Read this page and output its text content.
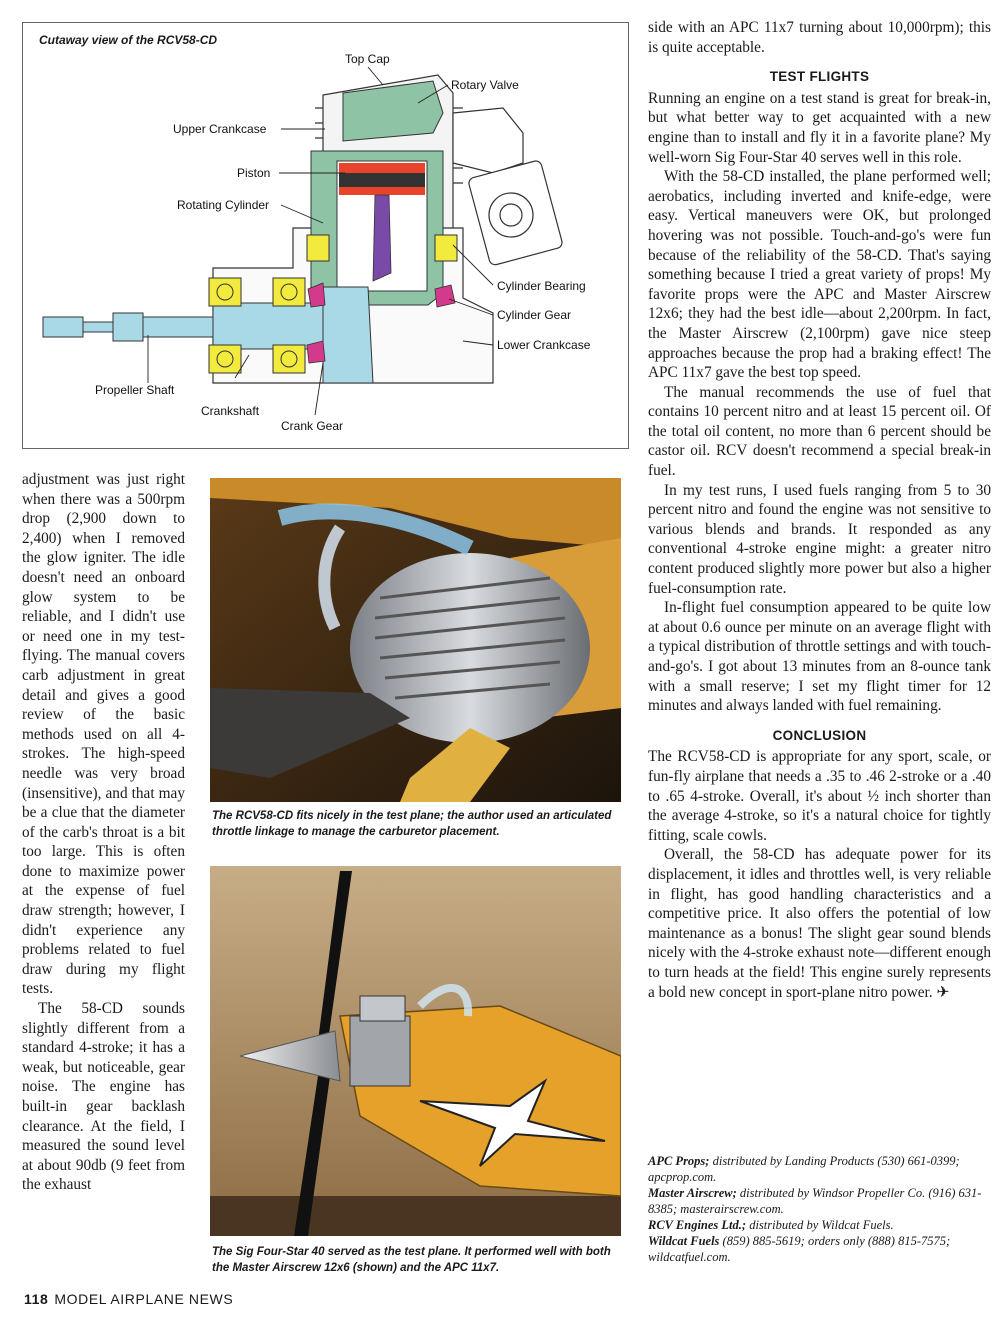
Top Cap
Rotary Valve
Upper Crankcase
Piston
Rotating Cylinder
Cylinder Bearing
Cylinder Gear
Lower Crankcase
Propeller Shaft
Crankshaft
Crank Gear
Cutaway view of the RCV58-CD

adjustment was just right when there was a 500rpm drop (2,900 down to 2,400) when I removed the glow igniter. The idle doesn't need an onboard glow system to be reliable, and I didn't use or need one in my test-flying. The manual covers carb adjustment in great detail and gives a good review of the basic methods used on all 4-strokes. The high-speed needle was very broad (insensitive), and that may be a clue that the diameter of the carb's throat is a bit too large. This is often done to maximize power at the expense of fuel draw strength; however, I didn't experience any problems related to fuel draw during my flight tests.

The 58-CD sounds slightly different from a standard 4-stroke; it has a weak, but noticeable, gear noise. The engine has built-in gear backlash clearance. At the field, I measured the sound level at about 90db (9 feet from the exhaust

The RCV58-CD fits nicely in the test plane; the author used an articulated throttle linkage to manage the carburetor placement.
The Sig Four-Star 40 served as the test plane. It performed well with both the Master Airscrew 12x6 (shown) and the APC 11x7.

side with an APC 11x7 turning about 10,000rpm); this is quite acceptable.

TEST FLIGHTS

Running an engine on a test stand is great for break-in, but what better way to get acquainted with a new engine than to install and fly it in a favorite plane? My well-worn Sig Four-Star 40 serves well in this role.

With the 58-CD installed, the plane performed well; aerobatics, including inverted and knife-edge, were easy. Vertical maneuvers were OK, but prolonged hovering was not possible. Touch-and-go's were fun because of the reliability of the 58-CD. That's saying something because I tried a great variety of props! My favorite props were the APC and Master Airscrew 12x6; they had the best idle—about 2,200rpm. In fact, the Master Airscrew (2,100rpm) gave nice steep approaches because the prop had a braking effect! The APC 11x7 gave the best top speed.

The manual recommends the use of fuel that contains 10 percent nitro and at least 15 percent oil. Of the total oil content, no more than 6 percent should be castor oil. RCV doesn't recommend a special break-in fuel.

In my test runs, I used fuels ranging from 5 to 30 percent nitro and found the engine was not sensitive to various blends and brands. It responded as any conventional 4-stroke engine might: a greater nitro content produced slightly more power but also a higher fuel-consumption rate.

In-flight fuel consumption appeared to be quite low at about 0.6 ounce per minute on an average flight with a typical distribution of throttle settings and with touch-and-go's. I got about 13 minutes from an 8-ounce tank with a small reserve; I set my flight timer for 12 minutes and always landed with fuel remaining.

CONCLUSION

The RCV58-CD is appropriate for any sport, scale, or fun-fly airplane that needs a .35 to .46 2-stroke or a .40 to .65 4-stroke. Overall, it's about ½ inch shorter than the average 4-stroke, so it's a natural choice for tightly fitting, scale cowls.

Overall, the 58-CD has adequate power for its displacement, it idles and throttles well, is very reliable in flight, has good handling characteristics and a competitive price. It also offers the potential of low maintenance as a bonus! The slight gear sound blends nicely with the 4-stroke exhaust note—different enough to turn heads at the field! This engine surely represents a bold new concept in sport-plane nitro power. ✈

APC Props; distributed by Landing Products (530) 661-0399; apcprop.com.

Master Airscrew; distributed by Windsor Propeller Co. (916) 631-8385; masterairscrew.com.

RCV Engines Ltd.; distributed by Wildcat Fuels.

Wildcat Fuels (859) 885-5619; orders only (888) 815-7575; wildcatfuel.com.

118 MODEL AIRPLANE NEWS
